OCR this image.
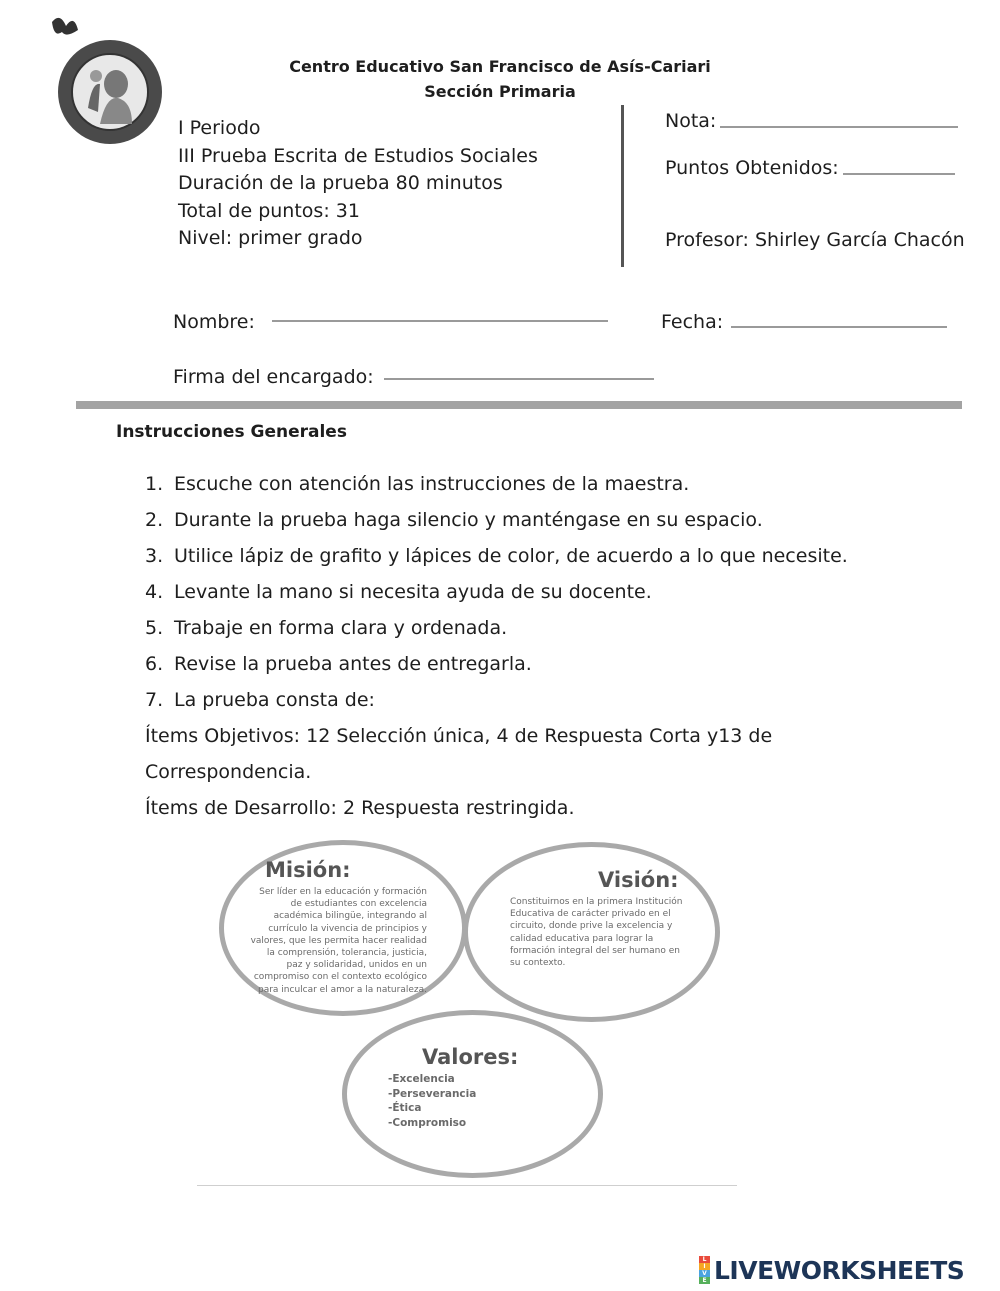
Centro Educativo San Francisco de Asís-Cariari
Sección Primaria
I Periodo
III Prueba Escrita de Estudios Sociales
Duración de la prueba 80 minutos
Total de puntos: 31
Nivel: primer grado
Nota:
Puntos Obtenidos:
Profesor: Shirley García Chacón
Nombre:	Fecha:
Firma del encargado:
Instrucciones Generales
1. Escuche con atención las instrucciones de la maestra.
2. Durante la prueba haga silencio y manténgase en su espacio.
3. Utilice lápiz de grafito y lápices de color, de acuerdo a lo que necesite.
4. Levante la mano si necesita ayuda de su docente.
5. Trabaje en forma clara y ordenada.
6. Revise la prueba antes de entregarla.
7. La prueba consta de:
Ítems Objetivos: 12 Selección única, 4 de Respuesta Corta y13 de
Correspondencia.
Ítems de Desarrollo: 2 Respuesta restringida.
Misión:
Ser líder en la educación y formación
de estudiantes con excelencia
académica bilingüe, integrando al
currículo la vivencia de principios y
valores, que les permita hacer realidad
la comprensión, tolerancia, justicia,
paz y solidaridad, unidos en un
compromiso con el contexto ecológico
para inculcar el amor a la naturaleza.
Visión:
Constituirnos en la primera Institución
Educativa de carácter privado en el
circuito, donde prive la excelencia y
calidad educativa para lograr la
formación integral del ser humano en
su contexto.
Valores:
-Excelencia
-Perseverancia
-Ética
-Compromiso
L
I
V
E LIVEWORKSHEETS
